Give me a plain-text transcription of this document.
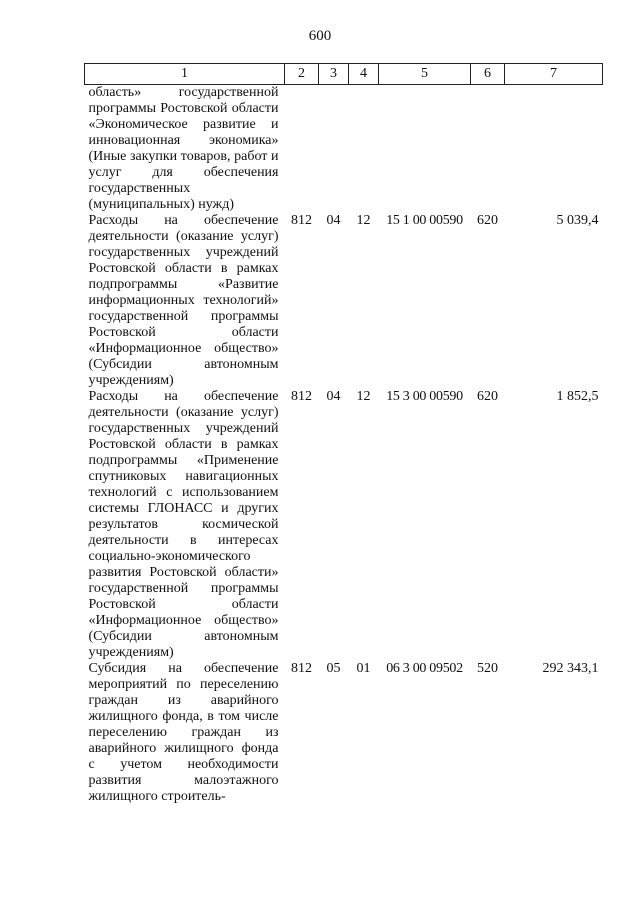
600
1	2	3	4	5	6	7
область» государственной программы Ростовской области «Экономическое развитие и инновационная экономика» (Иные закупки товаров, работ и услуг для обеспечения государственных (муниципальных) нужд)						
Расходы на обеспечение деятельности (оказание услуг) государственных учреждений Ростовской области в рамках подпрограммы «Развитие информационных технологий» государственной программы Ростовской области «Информационное общество» (Субсидии автономным учреждениям)	812	04	12	15 1 00 00590	620	5 039,4
Расходы на обеспечение деятельности (оказание услуг) государственных учреждений Ростовской области в рамках подпрограммы «Применение спутниковых навигационных технологий с использованием системы ГЛОНАСС и других результатов космической деятельности в интересах социально-экономического развития Ростовской области» государственной программы Ростовской области «Информационное общество» (Субсидии автономным учреждениям)	812	04	12	15 3 00 00590	620	1 852,5
Субсидия на обеспечение мероприятий по переселению граждан из аварийного жилищного фонда, в том числе переселению граждан из аварийного жилищного фонда с учетом необходимости развития малоэтажного жилищного строитель-	812	05	01	06 3 00 09502	520	292 343,1
